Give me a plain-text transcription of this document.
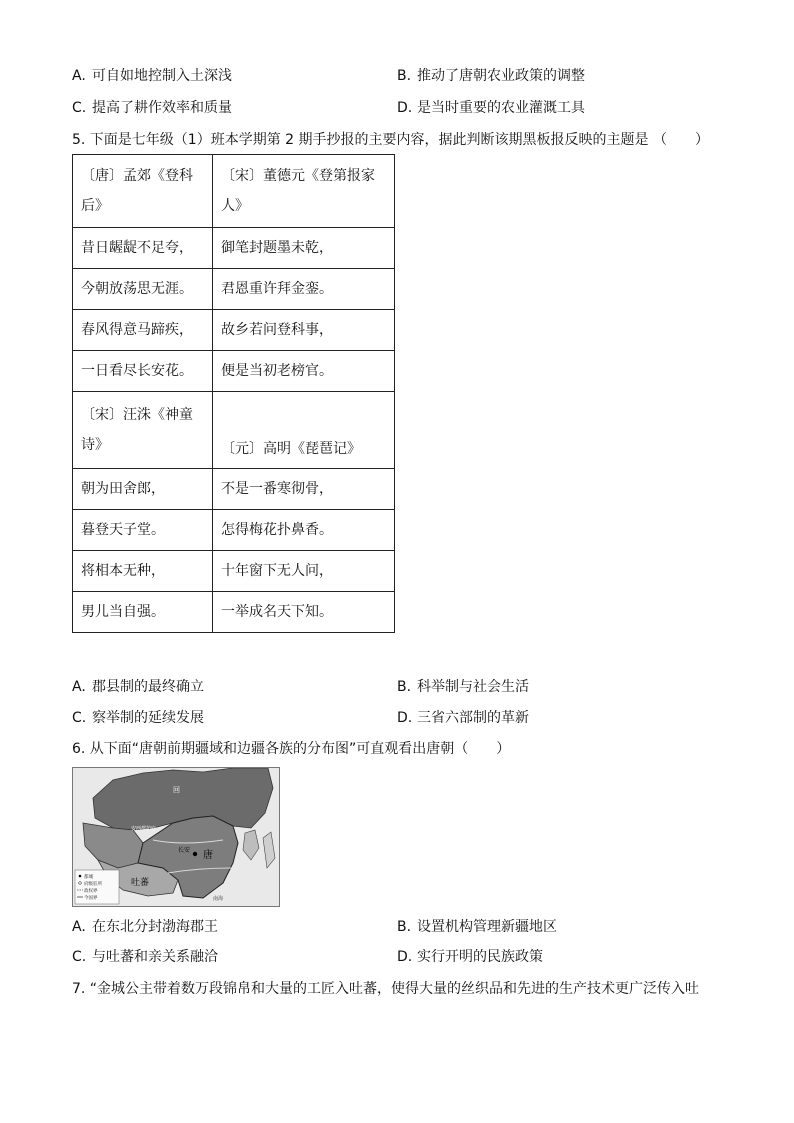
A. 可自如地控制入土深浅	B. 推动了唐朝农业政策的调整
C. 提高了耕作效率和质量	D. 是当时重要的农业灌溉工具
5. 下面是七年级（1）班本学期第 2 期手抄报的主要内容，据此判断该期黑板报反映的主题是 （　　）
〔唐〕孟郊《登科后》	〔宋〕董德元《登第报家人》
昔日龌龊不足夸，	御笔封题墨未乾，
今朝放荡思无涯。	君恩重许拜金銮。
春风得意马蹄疾，	故乡若问登科事，
一日看尽长安花。	便是当初老榜官。
〔宋〕汪洙《神童诗》	〔元〕高明《琵琶记》
朝为田舍郎，	不是一番寒彻骨，
暮登天子堂。	怎得梅花扑鼻香。
将相本无种，	十年窗下无人问，
男儿当自强。	一举成名天下知。
A. 郡县制的最终确立	B. 科举制与社会生活
C. 察举制的延续发展	D. 三省六部制的革新
6. 从下面“唐朝前期疆域和边疆各族的分布图”可直观看出唐朝（　　）
唐
吐蕃
长安
回
安西都护府
南海
都城
府级驻所
政权界
今国界
A. 在东北分封渤海郡王	B. 设置机构管理新疆地区
C. 与吐蕃和亲关系融洽	D. 实行开明的民族政策
7. “金城公主带着数万段锦帛和大量的工匠入吐蕃，使得大量的丝织品和先进的生产技术更广泛传入吐
